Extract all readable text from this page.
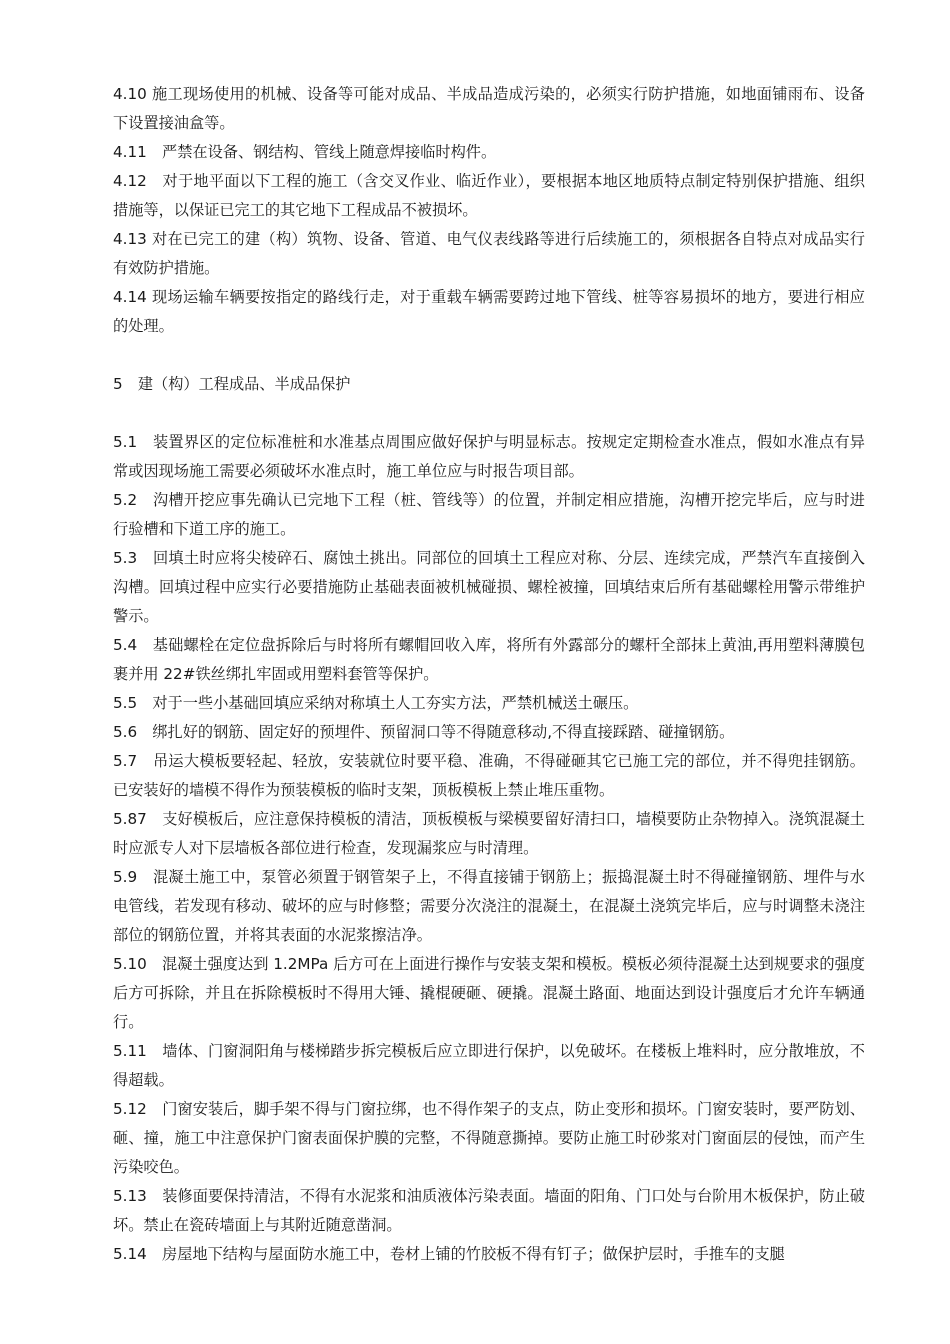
4.10 施工现场使用的机械、设备等可能对成品、半成品造成污染的，必须实行防护措施，如地面铺雨布、设备下设置接油盒等。

4.11　严禁在设备、钢结构、管线上随意焊接临时构件。

4.12　对于地平面以下工程的施工（含交叉作业、临近作业），要根据本地区地质特点制定特别保护措施、组织措施等，以保证已完工的其它地下工程成品不被损坏。

4.13 对在已完工的建（构）筑物、设备、管道、电气仪表线路等进行后续施工的，须根据各自特点对成品实行有效防护措施。

4.14 现场运输车辆要按指定的路线行走，对于重载车辆需要跨过地下管线、桩等容易损坏的地方，要进行相应的处理。

5　建（构）工程成品、半成品保护

5.1　装置界区的定位标准桩和水准基点周围应做好保护与明显标志。按规定定期检查水准点，假如水准点有异常或因现场施工需要必须破坏水准点时，施工单位应与时报告项目部。

5.2　沟槽开挖应事先确认已完地下工程（桩、管线等）的位置，并制定相应措施，沟槽开挖完毕后，应与时进行验槽和下道工序的施工。

5.3　回填土时应将尖棱碎石、腐蚀土挑出。同部位的回填土工程应对称、分层、连续完成，严禁汽车直接倒入沟槽。回填过程中应实行必要措施防止基础表面被机械碰损、螺栓被撞，回填结束后所有基础螺栓用警示带维护警示。

5.4　基础螺栓在定位盘拆除后与时将所有螺帽回收入库，将所有外露部分的螺杆全部抹上黄油,再用塑料薄膜包裹并用 22#铁丝绑扎牢固或用塑料套管等保护。

5.5　对于一些小基础回填应采纳对称填土人工夯实方法，严禁机械送土碾压。

5.6　绑扎好的钢筋、固定好的预埋件、预留洞口等不得随意移动,不得直接踩踏、碰撞钢筋。

5.7　吊运大模板要轻起、轻放，安装就位时要平稳、准确，不得碰砸其它已施工完的部位，并不得兜挂钢筋。已安装好的墙模不得作为预装模板的临时支架，顶板模板上禁止堆压重物。

5.87　支好模板后，应注意保持模板的清洁，顶板模板与梁模要留好清扫口，墙模要防止杂物掉入。浇筑混凝土时应派专人对下层墙板各部位进行检查，发现漏浆应与时清理。

5.9　混凝土施工中，泵管必须置于钢管架子上，不得直接铺于钢筋上；振捣混凝土时不得碰撞钢筋、埋件与水电管线，若发现有移动、破坏的应与时修整；需要分次浇注的混凝土，在混凝土浇筑完毕后，应与时调整未浇注部位的钢筋位置，并将其表面的水泥浆擦洁净。

5.10　混凝土强度达到 1.2MPa 后方可在上面进行操作与安装支架和模板。模板必须待混凝土达到规要求的强度后方可拆除，并且在拆除模板时不得用大锤、撬棍硬砸、硬撬。混凝土路面、地面达到设计强度后才允许车辆通行。

5.11　墙体、门窗洞阳角与楼梯踏步拆完模板后应立即进行保护，以免破坏。在楼板上堆料时，应分散堆放，不得超载。

5.12　门窗安装后，脚手架不得与门窗拉绑，也不得作架子的支点，防止变形和损坏。门窗安装时，要严防划、砸、撞，施工中注意保护门窗表面保护膜的完整，不得随意撕掉。要防止施工时砂浆对门窗面层的侵蚀，而产生污染咬色。

5.13　装修面要保持清洁，不得有水泥浆和油质液体污染表面。墙面的阳角、门口处与台阶用木板保护，防止破坏。禁止在瓷砖墙面上与其附近随意凿洞。

5.14　房屋地下结构与屋面防水施工中，卷材上铺的竹胶板不得有钉子；做保护层时，手推车的支腿
